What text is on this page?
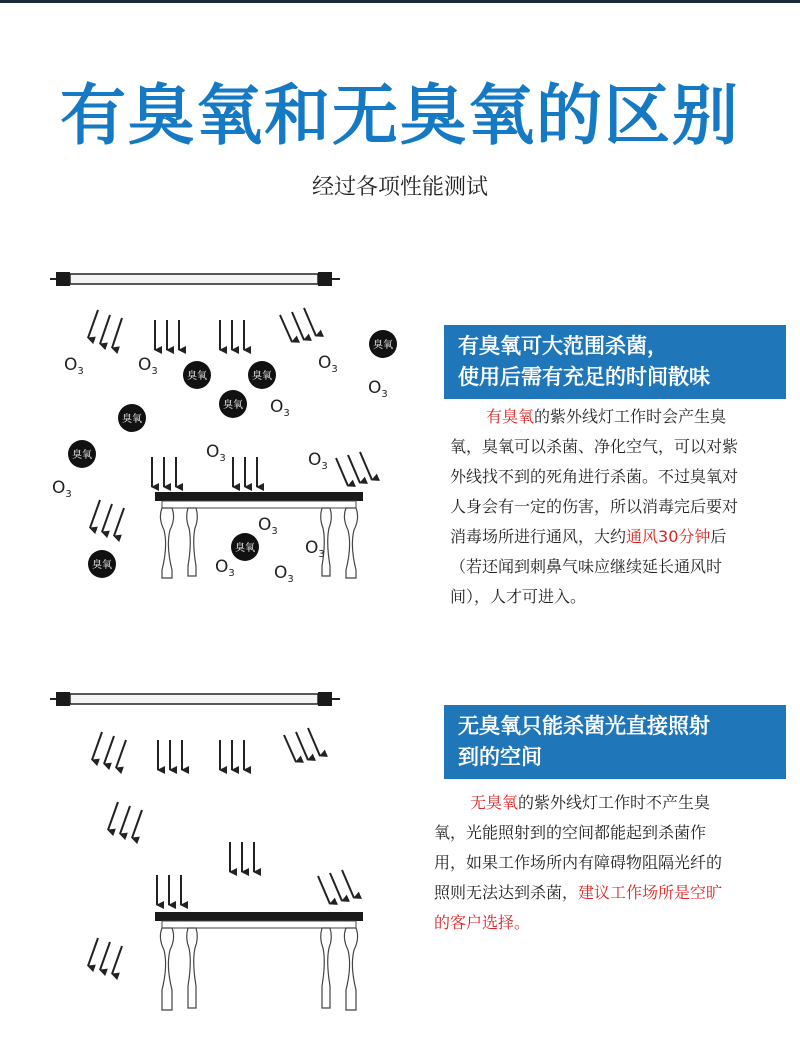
有臭氧和无臭氧的区别
经过各项性能测试
臭氧
臭氧	臭氧
臭氧
臭氧
臭氧
臭氧
臭氧
$O_3$	$O_3$	$O_3$
$O_3$
$O_3$
$O_3$	$O_3$
$O_3$
$O_3$
$O_3$
$O_3$ $O_3$
有臭氧可大范围杀菌，
使用后需有充足的时间散味
有臭氧的紫外线灯工作时会产生臭氧，臭氧可以杀菌、净化空气，可以对紫外线找不到的死角进行杀菌。不过臭氧对人身会有一定的伤害，所以消毒完后要对消毒场所进行通风，大约通风30分钟后（若还闻到刺鼻气味应继续延长通风时间），人才可进入。
无臭氧只能杀菌光直接照射
到的空间
无臭氧的紫外线灯工作时不产生臭氧，光能照射到的空间都能起到杀菌作用，如果工作场所内有障碍物阻隔光纤的照则无法达到杀菌，建议工作场所是空旷的客户选择。
